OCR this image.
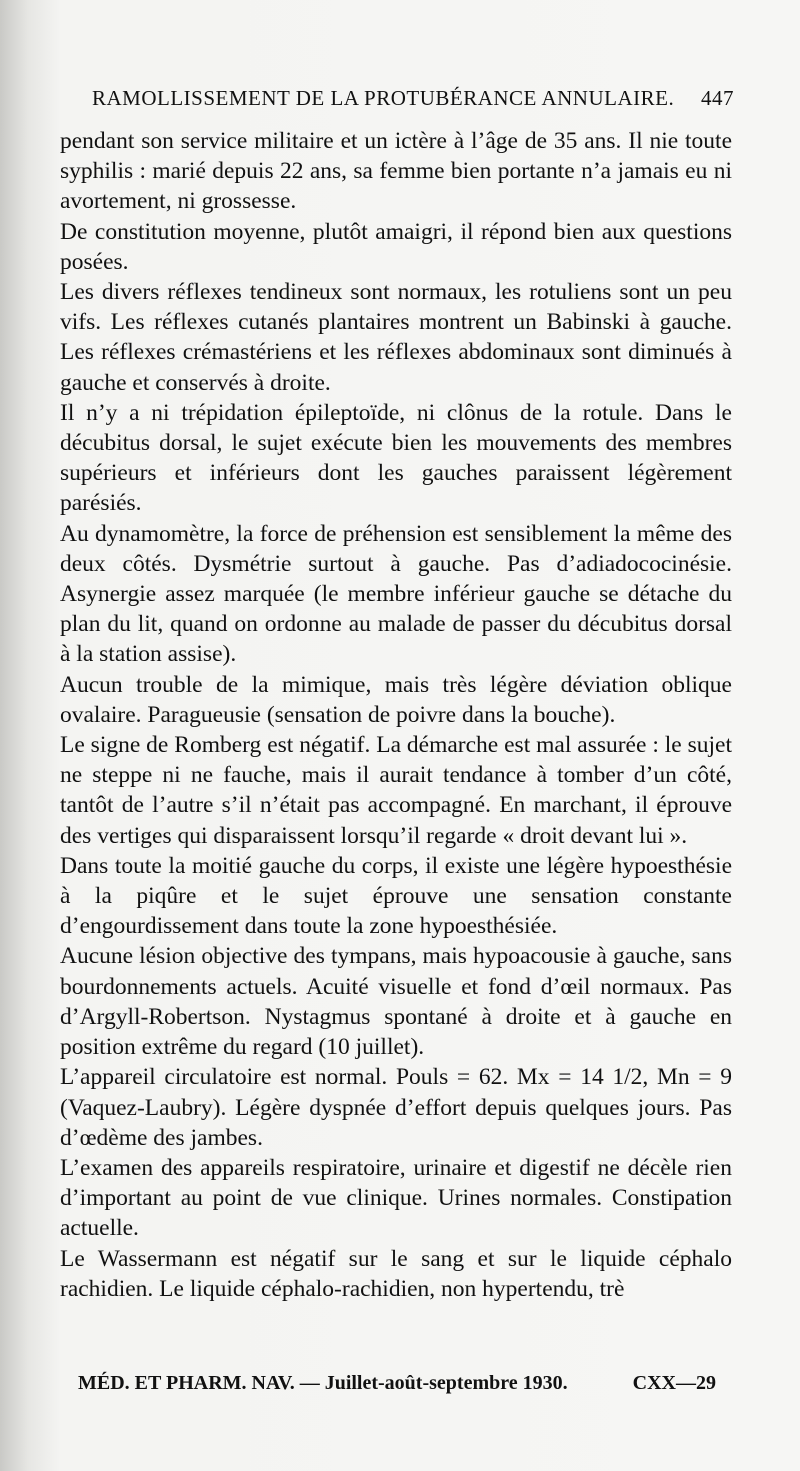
RAMOLLISSEMENT DE LA PROTUBÉRANCE ANNULAIRE. 447

pendant son service militaire et un ictère à l’âge de 35 ans. Il nie toute syphilis : marié depuis 22 ans, sa femme bien portante n’a jamais eu ni avortement, ni grossesse.

De constitution moyenne, plutôt amaigri, il répond bien aux questions posées.

Les divers réflexes tendineux sont normaux, les rotuliens sont un peu vifs. Les réflexes cutanés plantaires montrent un Babinski à gauche. Les réflexes crémastériens et les réflexes abdominaux sont diminués à gauche et conservés à droite.

Il n’y a ni trépidation épileptoïde, ni clônus de la rotule. Dans le décubitus dorsal, le sujet exécute bien les mouvements des membres supérieurs et inférieurs dont les gauches paraissent légèrement parésiés.

Au dynamomètre, la force de préhension est sensiblement la même des deux côtés. Dysmétrie surtout à gauche. Pas d’adiadococinésie. Asynergie assez marquée (le membre inférieur gauche se détache du plan du lit, quand on ordonne au malade de passer du décubitus dorsal à la station assise).

Aucun trouble de la mimique, mais très légère déviation oblique ovalaire. Paragueusie (sensation de poivre dans la bouche).

Le signe de Romberg est négatif. La démarche est mal assurée : le sujet ne steppe ni ne fauche, mais il aurait tendance à tomber d’un côté, tantôt de l’autre s’il n’était pas accompagné. En marchant, il éprouve des vertiges qui disparaissent lorsqu’il regarde « droit devant lui ».

Dans toute la moitié gauche du corps, il existe une légère hypoesthésie à la piqûre et le sujet éprouve une sensation constante d’engourdissement dans toute la zone hypoesthésiée.

Aucune lésion objective des tympans, mais hypoacousie à gauche, sans bourdonnements actuels. Acuité visuelle et fond d’œil normaux. Pas d’Argyll-Robertson. Nystagmus spontané à droite et à gauche en position extrême du regard (10 juillet).

L’appareil circulatoire est normal. Pouls = 62. Mx = 14 1/2, Mn = 9 (Vaquez-Laubry). Légère dyspnée d’effort depuis quelques jours. Pas d’œdème des jambes.

L’examen des appareils respiratoire, urinaire et digestif ne décèle rien d’important au point de vue clinique. Urines normales. Constipation actuelle.

Le Wassermann est négatif sur le sang et sur le liquide céphalo rachidien. Le liquide céphalo-rachidien, non hypertendu, trè

MÉD. ET PHARM. NAV. — Juillet-août-septembre 1930.	CXX—29
